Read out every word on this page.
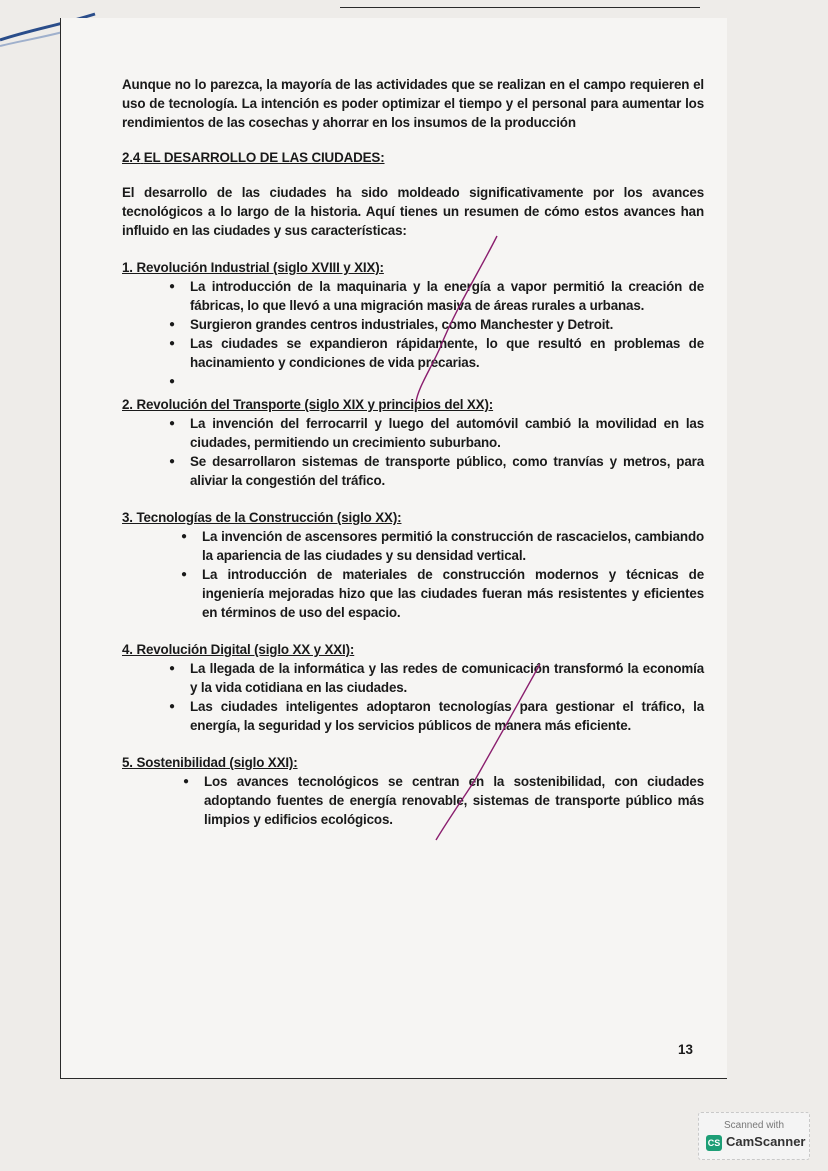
Aunque no lo parezca, la mayoría de las actividades que se realizan en el campo requieren el uso de tecnología. La intención es poder optimizar el tiempo y el personal para aumentar los rendimientos de las cosechas y ahorrar en los insumos de la producción

2.4 EL DESARROLLO DE LAS CIUDADES:

El desarrollo de las ciudades ha sido moldeado significativamente por los avances tecnológicos a lo largo de la historia. Aquí tienes un resumen de cómo estos avances han influido en las ciudades y sus características:

1. Revolución Industrial (siglo XVIII y XIX):

● La introducción de la maquinaria y la energía a vapor permitió la creación de fábricas, lo que llevó a una migración masiva de áreas rurales a urbanas.
● Surgieron grandes centros industriales, como Manchester y Detroit.
● Las ciudades se expandieron rápidamente, lo que resultó en problemas de hacinamiento y condiciones de vida precarias.
●

2. Revolución del Transporte (siglo XIX y principios del XX):

● La invención del ferrocarril y luego del automóvil cambió la movilidad en las ciudades, permitiendo un crecimiento suburbano.
● Se desarrollaron sistemas de transporte público, como tranvías y metros, para aliviar la congestión del tráfico.

3. Tecnologías de la Construcción (siglo XX):

● La invención de ascensores permitió la construcción de rascacielos, cambiando la apariencia de las ciudades y su densidad vertical.
● La introducción de materiales de construcción modernos y técnicas de ingeniería mejoradas hizo que las ciudades fueran más resistentes y eficientes en términos de uso del espacio.

4. Revolución Digital (siglo XX y XXI):

● La llegada de la informática y las redes de comunicación transformó la economía y la vida cotidiana en las ciudades.
● Las ciudades inteligentes adoptaron tecnologías para gestionar el tráfico, la energía, la seguridad y los servicios públicos de manera más eficiente.

5. Sostenibilidad (siglo XXI):

● Los avances tecnológicos se centran en la sostenibilidad, con ciudades adoptando fuentes de energía renovable, sistemas de transporte público más limpios y edificios ecológicos.
13
Scanned with
CS CamScanner
